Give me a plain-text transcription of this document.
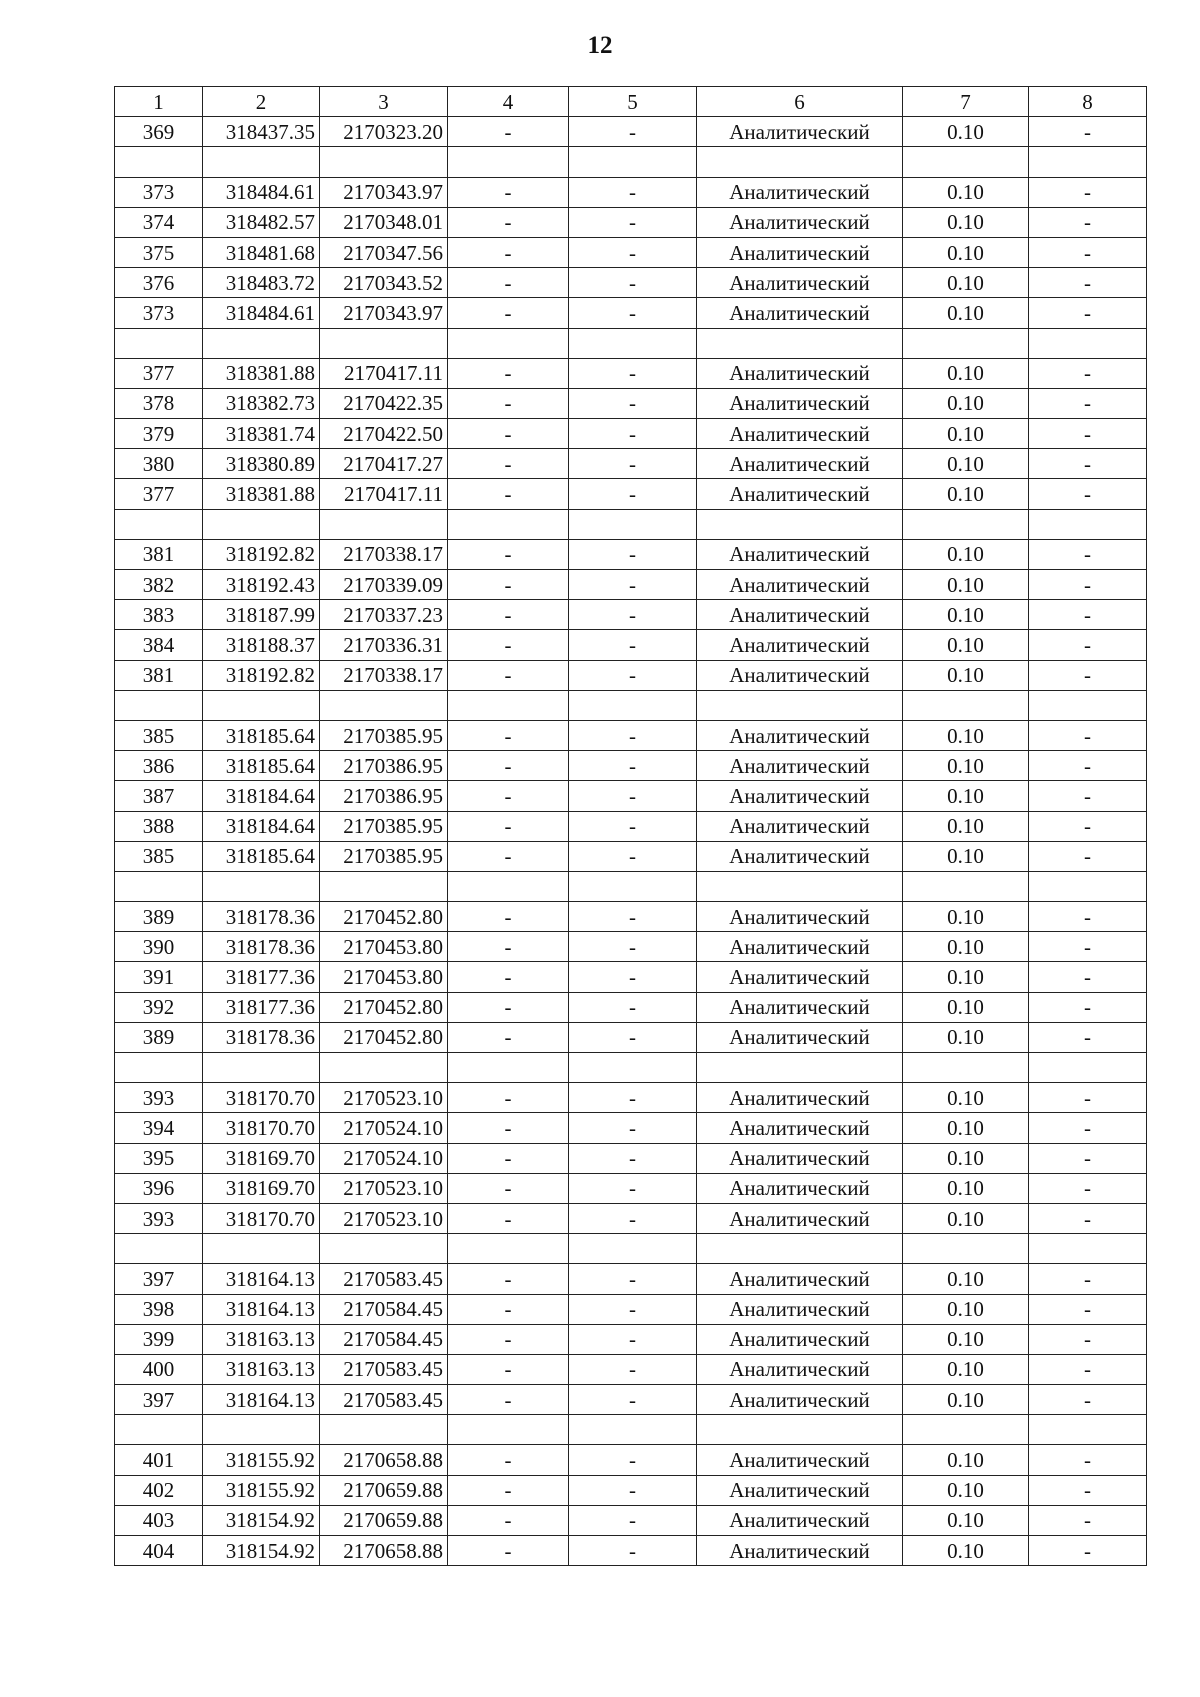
12
1	2	3	4	5	6	7	8
369	318437.35	2170323.20	-	-	Аналитический	0.10	-

373	318484.61	2170343.97	-	-	Аналитический	0.10	-
374	318482.57	2170348.01	-	-	Аналитический	0.10	-
375	318481.68	2170347.56	-	-	Аналитический	0.10	-
376	318483.72	2170343.52	-	-	Аналитический	0.10	-
373	318484.61	2170343.97	-	-	Аналитический	0.10	-

377	318381.88	2170417.11	-	-	Аналитический	0.10	-
378	318382.73	2170422.35	-	-	Аналитический	0.10	-
379	318381.74	2170422.50	-	-	Аналитический	0.10	-
380	318380.89	2170417.27	-	-	Аналитический	0.10	-
377	318381.88	2170417.11	-	-	Аналитический	0.10	-

381	318192.82	2170338.17	-	-	Аналитический	0.10	-
382	318192.43	2170339.09	-	-	Аналитический	0.10	-
383	318187.99	2170337.23	-	-	Аналитический	0.10	-
384	318188.37	2170336.31	-	-	Аналитический	0.10	-
381	318192.82	2170338.17	-	-	Аналитический	0.10	-

385	318185.64	2170385.95	-	-	Аналитический	0.10	-
386	318185.64	2170386.95	-	-	Аналитический	0.10	-
387	318184.64	2170386.95	-	-	Аналитический	0.10	-
388	318184.64	2170385.95	-	-	Аналитический	0.10	-
385	318185.64	2170385.95	-	-	Аналитический	0.10	-

389	318178.36	2170452.80	-	-	Аналитический	0.10	-
390	318178.36	2170453.80	-	-	Аналитический	0.10	-
391	318177.36	2170453.80	-	-	Аналитический	0.10	-
392	318177.36	2170452.80	-	-	Аналитический	0.10	-
389	318178.36	2170452.80	-	-	Аналитический	0.10	-

393	318170.70	2170523.10	-	-	Аналитический	0.10	-
394	318170.70	2170524.10	-	-	Аналитический	0.10	-
395	318169.70	2170524.10	-	-	Аналитический	0.10	-
396	318169.70	2170523.10	-	-	Аналитический	0.10	-
393	318170.70	2170523.10	-	-	Аналитический	0.10	-

397	318164.13	2170583.45	-	-	Аналитический	0.10	-
398	318164.13	2170584.45	-	-	Аналитический	0.10	-
399	318163.13	2170584.45	-	-	Аналитический	0.10	-
400	318163.13	2170583.45	-	-	Аналитический	0.10	-
397	318164.13	2170583.45	-	-	Аналитический	0.10	-

401	318155.92	2170658.88	-	-	Аналитический	0.10	-
402	318155.92	2170659.88	-	-	Аналитический	0.10	-
403	318154.92	2170659.88	-	-	Аналитический	0.10	-
404	318154.92	2170658.88	-	-	Аналитический	0.10	-
